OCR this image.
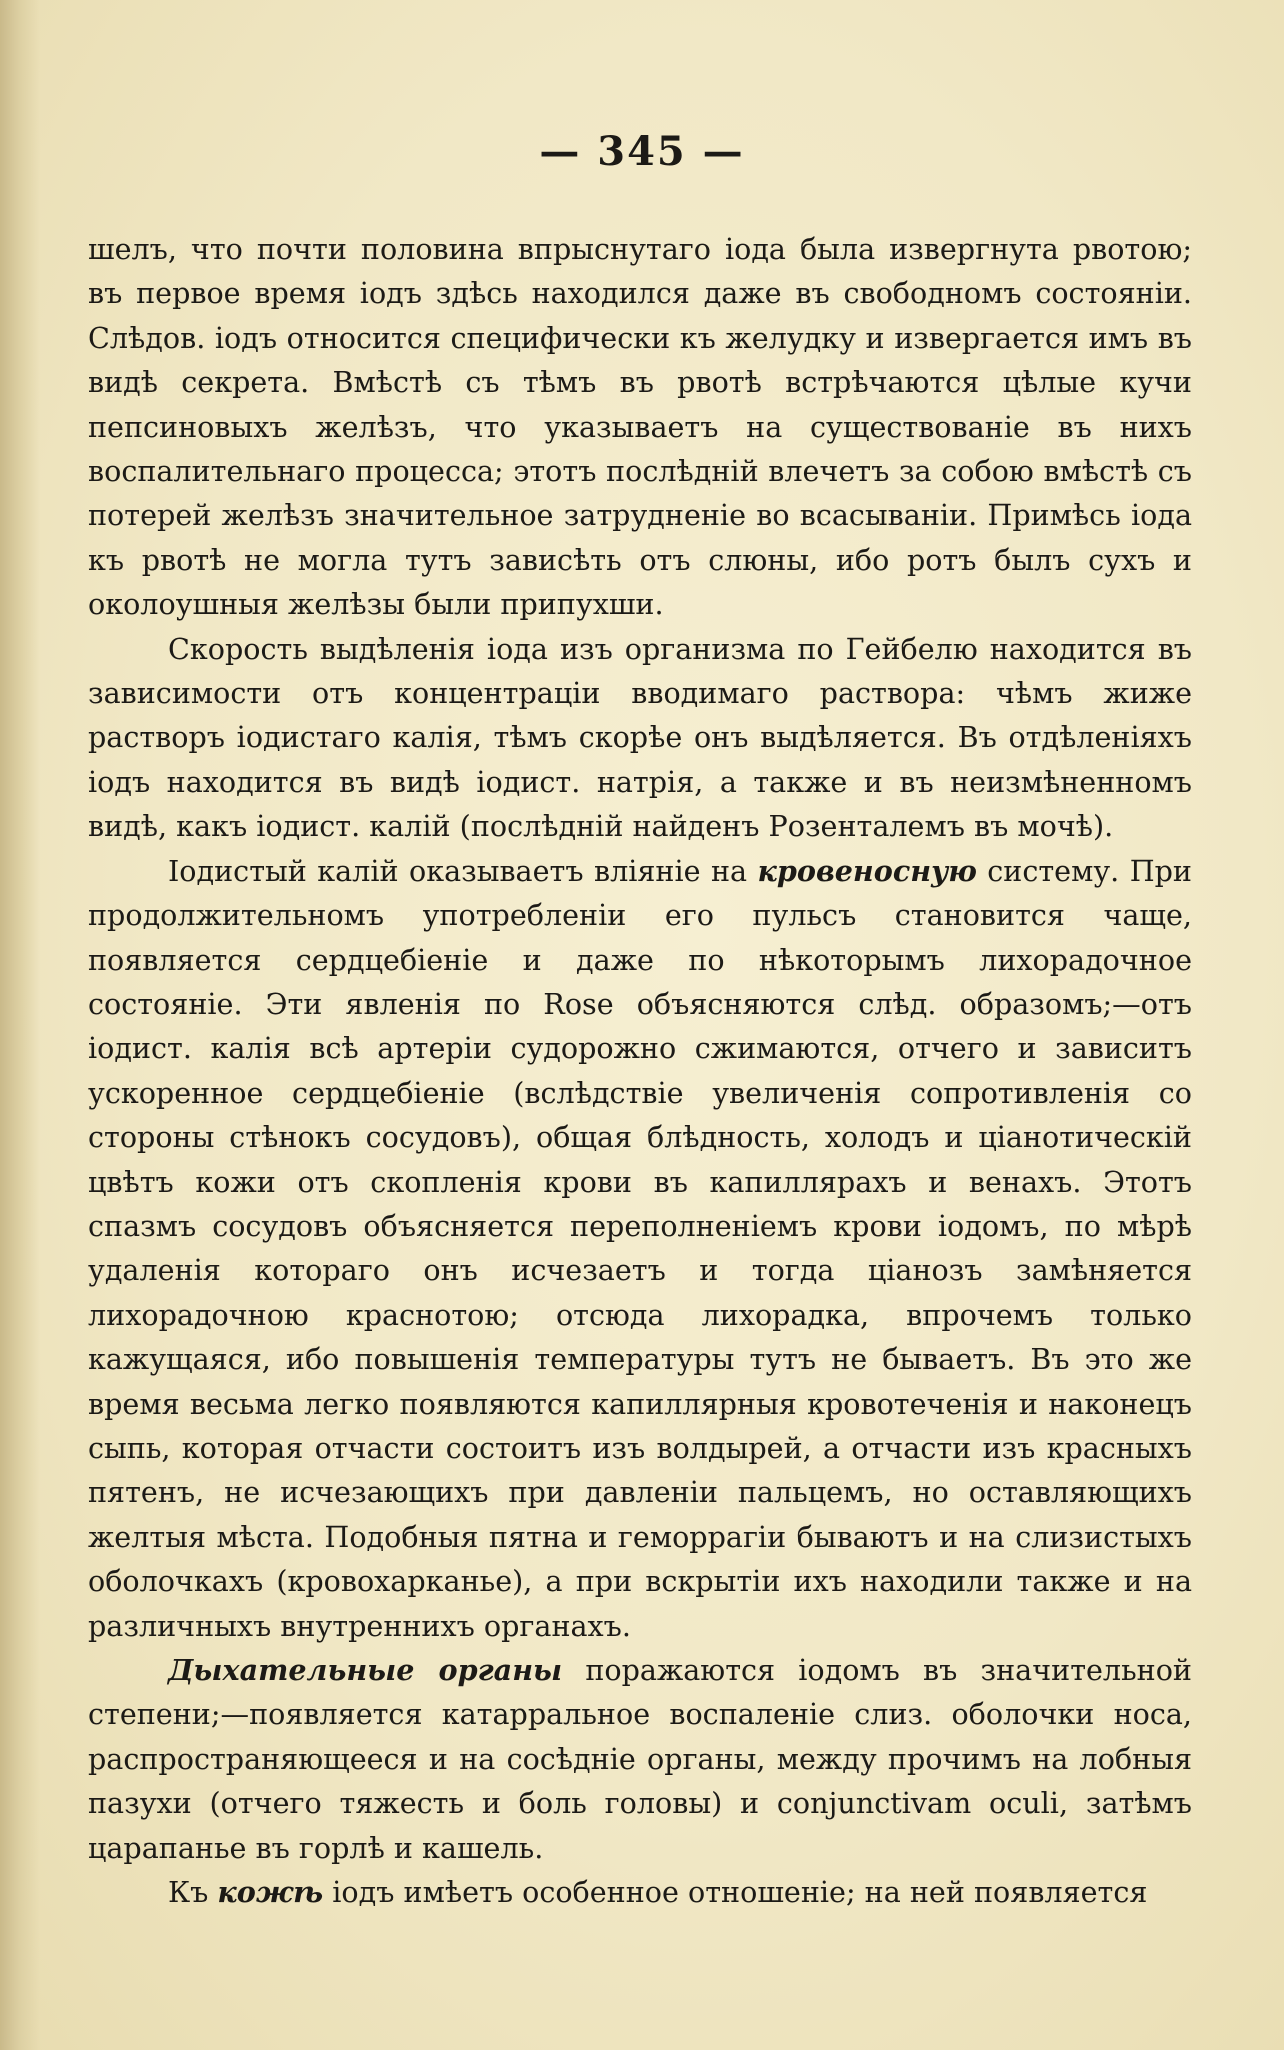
— 345 —

шелъ, что почти половина впрыснутаго іода была извергнута рвотою; въ первое время іодъ здѣсь находился даже въ свободномъ состояніи. Слѣдов. іодъ относится специфически къ желудку и извергается имъ въ видѣ секрета. Вмѣстѣ съ тѣмъ въ рвотѣ встрѣчаются цѣлые кучи пепсиновыхъ желѣзъ, что указываетъ на существованіе въ нихъ воспалительнаго процесса; этотъ послѣдній влечетъ за собою вмѣстѣ съ потерей желѣзъ значительное затрудненіе во всасываніи. Примѣсь іода къ рвотѣ не могла тутъ зависѣть отъ слюны, ибо ротъ былъ сухъ и околоушныя желѣзы были припухши.

Скорость выдѣленія іода изъ организма по Гейбелю находится въ зависимости отъ концентраціи вводимаго раствора: чѣмъ жиже растворъ іодистаго калія, тѣмъ скорѣе онъ выдѣляется. Въ отдѣленіяхъ іодъ находится въ видѣ іодист. натрія, а также и въ неизмѣненномъ видѣ, какъ іодист. калій (послѣдній найденъ Розенталемъ въ мочѣ).

Іодистый калій оказываетъ вліяніе на кровеносную систему. При продолжительномъ употребленіи его пульсъ становится чаще, появляется сердцебіеніе и даже по нѣкоторымъ лихорадочное состояніе. Эти явленія по Rose объясняются слѣд. образомъ;—отъ іодист. калія всѣ артеріи судорожно сжимаются, отчего и зависитъ ускоренное сердцебіеніе (вслѣдствіе увеличенія сопротивленія со стороны стѣнокъ сосудовъ), общая блѣдность, холодъ и ціанотическій цвѣтъ кожи отъ скопленія крови въ капиллярахъ и венахъ. Этотъ спазмъ сосудовъ объясняется переполненіемъ крови іодомъ, по мѣрѣ удаленія котораго онъ исчезаетъ и тогда ціанозъ замѣняется лихорадочною краснотою; отсюда лихорадка, впрочемъ только кажущаяся, ибо повышенія температуры тутъ не бываетъ. Въ это же время весьма легко появляются капиллярныя кровотеченія и наконецъ сыпь, которая отчасти состоитъ изъ волдырей, а отчасти изъ красныхъ пятенъ, не исчезающихъ при давленіи пальцемъ, но оставляющихъ желтыя мѣста. Подобныя пятна и геморрагіи бываютъ и на слизистыхъ оболочкахъ (кровохарканье), а при вскрытіи ихъ находили также и на различныхъ внутреннихъ органахъ.

Дыхательные органы поражаются іодомъ въ значительной степени;—появляется катарральное воспаленіе слиз. оболочки носа, распространяющееся и на сосѣдніе органы, между прочимъ на лобныя пазухи (отчего тяжесть и боль головы) и conjunctivam oculi, затѣмъ царапанье въ горлѣ и кашель.

Къ кожѣ іодъ имѣетъ особенное отношеніе; на ней появляется
